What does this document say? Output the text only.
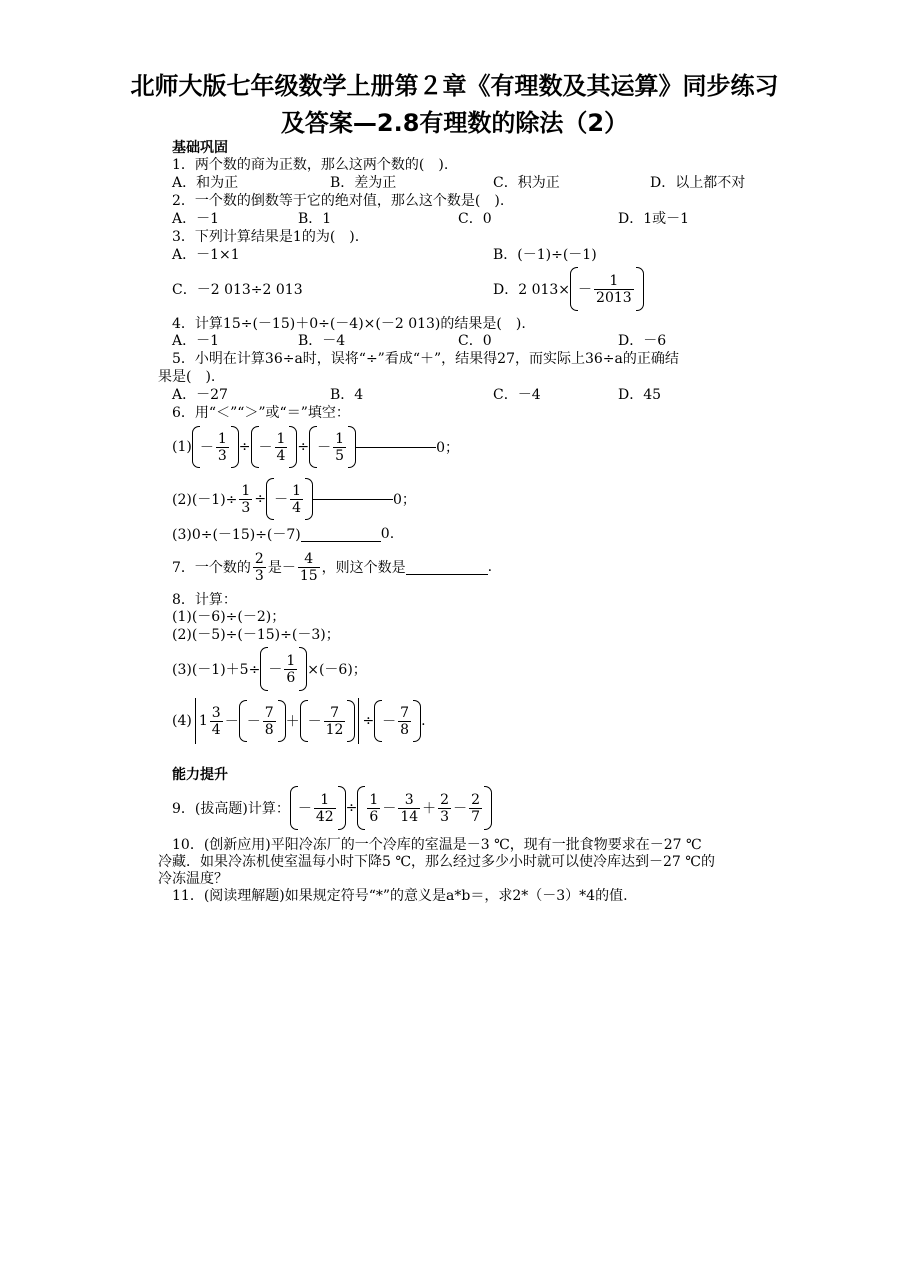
北师大版七年级数学上册第２章《有理数及其运算》同步练习
及答案—2.8有理数的除法（2）
基础巩固
1．两个数的商为正数，那么这两个数的(　).
A．和为正	B．差为正	C．积为正	D．以上都不对
2．一个数的倒数等于它的绝对值，那么这个数是(　).
A．－1	B．1	C．0	D．1或－1
3．下列计算结果是1的为(　).
A．－1×1	B．(－1)÷(－1)
C．－2 013÷2 013	D．2 $013\times - \frac{1}{2013}$
4．计算15÷(－15)＋0÷(－4)×(－2 013)的结果是(　).
A．－1	B．－4	C．0	D．－6
5．小明在计算36÷a时，误将“÷”看成“＋”，结果得27，而实际上36÷a的正确结
果是(　).
A．－27	B．4	C．－4	D．45
6．用“＜”“＞”或“＝”填空：
$(1) - \frac{1}{3}$ ÷ － $\frac{1}{4}$ ÷ － $\frac{1}{5}$	0；
$(2)(-1)\div \frac{1}{3}$ ÷ － $\frac{1}{4}$	0；
(3)0÷(－15)÷(－7)	0.
7．一个数的 $\frac{2}{3}$ 是－ $\frac{4}{15}$ ，则这个数是	.
8．计算：
(1)(－6)÷(－2)；
(2)(－5)÷(－15)÷(－3)；
$(3)(-1)+5\div - \frac{1}{6} \times(-6)$；
(4) $1 \frac{3}{4}$ － － $\frac{7}{8}$ ＋ － $\frac{7}{12}$ ÷ － $\frac{7}{8}$ .
能力提升
9．(拔高题)计算： － $\frac{1}{42} \div \frac{1}{6} - \frac{3}{14} + \frac{2}{3} - \frac{2}{7}$
10．(创新应用)平阳冷冻厂的一个冷库的室温是－3 ℃，现有一批食物要求在－27 ℃
冷藏．如果冷冻机使室温每小时下降5 ℃，那么经过多少小时就可以使冷库达到－27 ℃的
冷冻温度？
11．(阅读理解题)如果规定符号“*”的意义是a*b＝，求2*（－3）*4的值.
